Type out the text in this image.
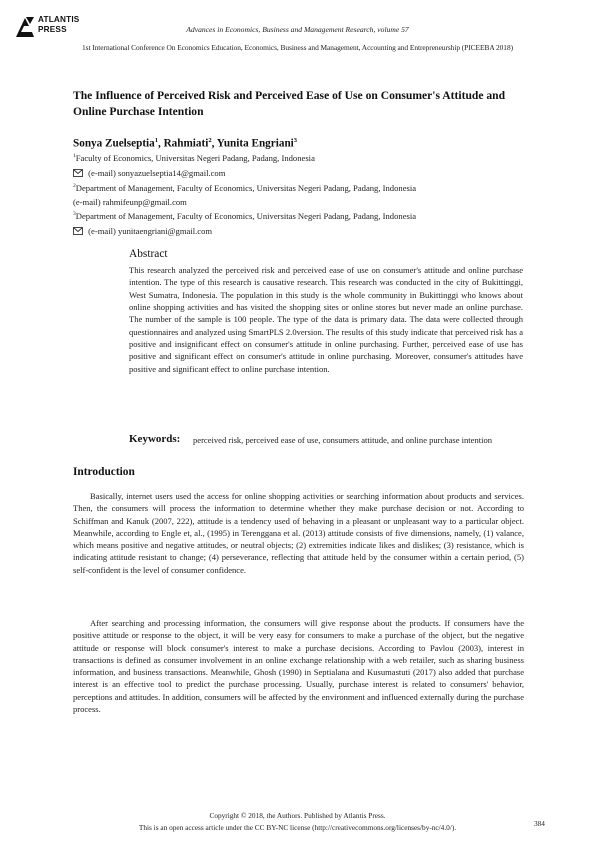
ATLANTIS
PRESS	Advances in Economics, Business and Management Research, volume 57
1st International Conference On Economics Education, Economics, Business and Management, Accounting and Entrepreneurship (PICEEBA 2018)
The Influence of Perceived Risk and Perceived Ease of Use on Consumer's Attitude and Online Purchase Intention
Sonya Zuelseptia$^1$, Rahmiati$^2$, Yunita Engriani$^3$
$^1$Faculty of Economics, Universitas Negeri Padang, Padang, Indonesia
(e-mail) sonyazuelseptia14@gmail.com
$^2$Department of Management, Faculty of Economics, Universitas Negeri Padang, Padang, Indonesia
(e-mail) rahmifeunp@gmail.com
$^3$Department of Management, Faculty of Economics, Universitas Negeri Padang, Padang, Indonesia
(e-mail) yunitaengriani@gmail.com
Abstract

This research analyzed the perceived risk and perceived ease of use on consumer's attitude and online purchase intention. The type of this research is causative research. This research was conducted in the city of Bukittinggi, West Sumatra, Indonesia. The population in this study is the whole community in Bukittinggi who knows about online shopping activities and has visited the shopping sites or online stores but never made an online purchase. The number of the sample is 100 people. The type of the data is primary data. The data were collected through questionnaires and analyzed using SmartPLS 2.0version. The results of this study indicate that perceived risk has a positive and insignificant effect on consumer's attitude in online purchasing. Further, perceived ease of use has positive and significant effect on consumer's attitude in online purchasing. Moreover, consumer's attitudes have positive and significant effect to online purchase intention.

Keywords: perceived risk, perceived ease of use, consumers attitude, and online purchase intention

Introduction

Basically, internet users used the access for online shopping activities or searching information about products and services. Then, the consumers will process the information to determine whether they make purchase decision or not. According to Schiffman and Kanuk (2007, 222), attitude is a tendency used of behaving in a pleasant or unpleasant way to a particular object. Meanwhile, according to Engle et, al., (1995) in Terenggana et al. (2013) attitude consists of five dimensions, namely, (1) valance, which means positive and negative attitudes, or neutral objects; (2) extremities indicate likes and dislikes; (3) resistance, which is indicating attitude resistant to change; (4) perseverance, reflecting that attitude held by the consumer within a certain period, (5) self-confident is the level of consumer confidence.

After searching and processing information, the consumers will give response about the products. If consumers have the positive attitude or response to the object, it will be very easy for consumers to make a purchase of the object, but the negative attitude or response will block consumer's interest to make a purchase decisions. According to Pavlou (2003), interest in transactions is defined as consumer involvement in an online exchange relationship with a web retailer, such as sharing business information, and business transactions. Meanwhile, Ghosh (1990) in Septialana and Kusumastuti (2017) also added that purchase interest is an effective tool to predict the purchase processing. Usually, purchase interest is related to consumers' behavior, perceptions and attitudes. In addition, consumers will be affected by the environment and influenced externally during the purchase process.

Copyright © 2018, the Authors. Published by Atlantis Press.
This is an open access article under the CC BY-NC license (http://creativecommons.org/licenses/by-nc/4.0/).	384
